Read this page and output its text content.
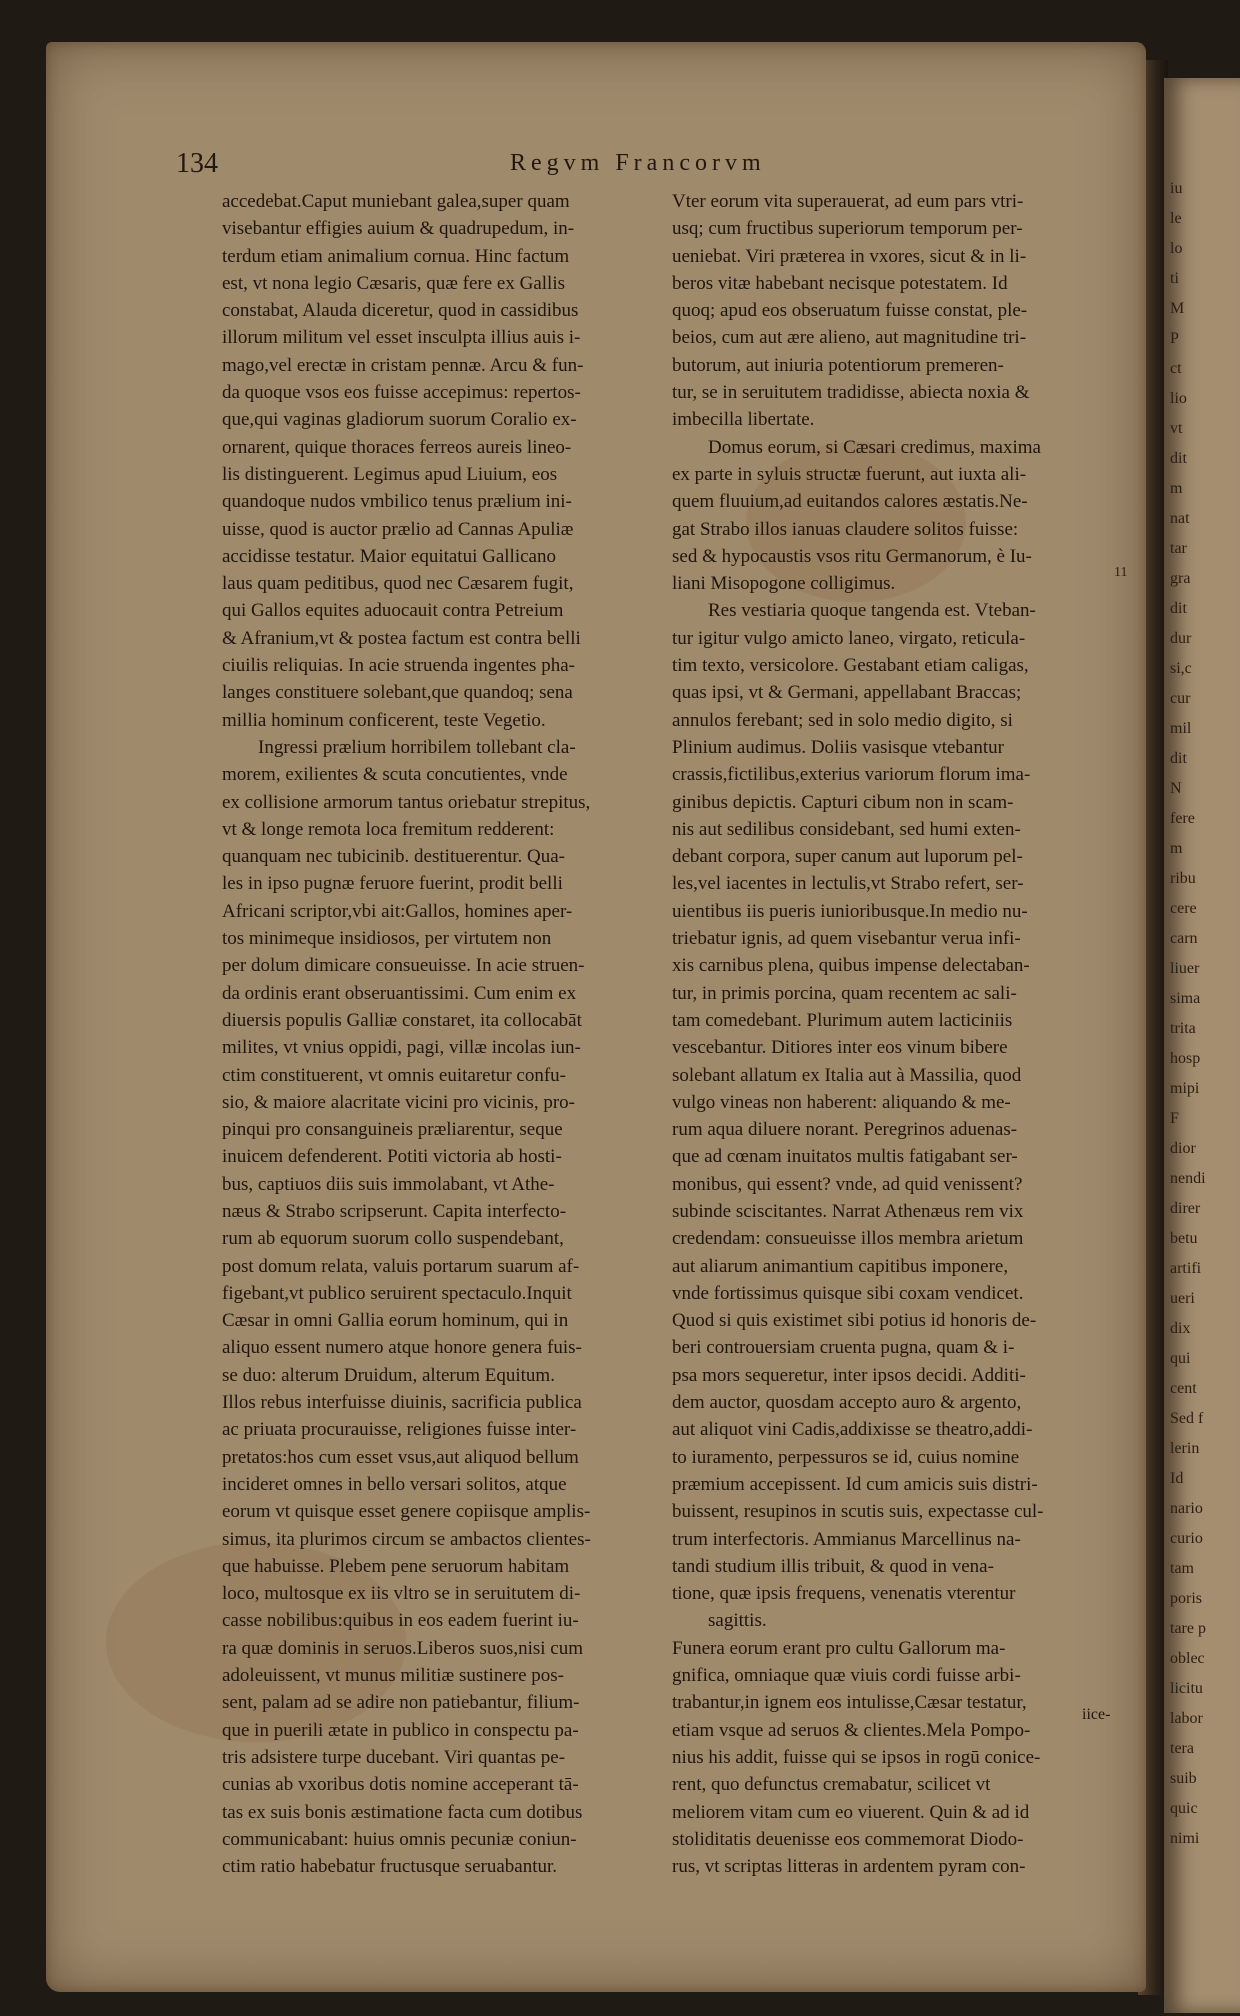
iu
le
lo
ti
M
P
ct
lio
vt
dit
m
nat
tar
gra
dit
dur
si,c
cur
mil
dit
N
fere
m
ribu
cere
carn
liuer
sima
trita
hosp
mipi
F
dior
nendi
direr
betu
artifi
ueri
dix
qui
cent
Sed f
lerin
Id
nario
curio
tam
poris
tare p
oblec
licitu
labor
tera
suib
quic
nimi
134	Regvm Francorvm
accedebat.Caput muniebant galea,super quam
visebantur effigies auium & quadrupedum, in-
terdum etiam animalium cornua. Hinc factum
est, vt nona legio Cæsaris, quæ fere ex Gallis
constabat, Alauda diceretur, quod in cassidibus
illorum militum vel esset insculpta illius auis i-
mago,vel erectæ in cristam pennæ. Arcu & fun-
da quoque vsos eos fuisse accepimus: repertos-
que,qui vaginas gladiorum suorum Coralio ex-
ornarent, quique thoraces ferreos aureis lineo-
lis distinguerent. Legimus apud Liuium, eos
quandoque nudos vmbilico tenus prælium ini-
uisse, quod is auctor prælio ad Cannas Apuliæ
accidisse testatur. Maior equitatui Gallicano
laus quam peditibus, quod nec Cæsarem fugit,
qui Gallos equites aduocauit contra Petreium
& Afranium,vt & postea factum est contra belli
ciuilis reliquias. In acie struenda ingentes pha-
langes constituere solebant,que quandoq; sena
millia hominum conficerent, teste Vegetio.
Ingressi prælium horribilem tollebant cla-
morem, exilientes & scuta concutientes, vnde
ex collisione armorum tantus oriebatur strepitus,
vt & longe remota loca fremitum redderent:
quanquam nec tubicinib. destituerentur. Qua-
les in ipso pugnæ feruore fuerint, prodit belli
Africani scriptor,vbi ait:Gallos, homines aper-
tos minimeque insidiosos, per virtutem non
per dolum dimicare consueuisse. In acie struen-
da ordinis erant obseruantissimi. Cum enim ex
diuersis populis Galliæ constaret, ita collocabāt
milites, vt vnius oppidi, pagi, villæ incolas iun-
ctim constituerent, vt omnis euitaretur confu-
sio, & maiore alacritate vicini pro vicinis, pro-
pinqui pro consanguineis præliarentur, seque
inuicem defenderent. Potiti victoria ab hosti-
bus, captiuos diis suis immolabant, vt Athe-
næus & Strabo scripserunt. Capita interfecto-
rum ab equorum suorum collo suspendebant,
post domum relata, valuis portarum suarum af-
figebant,vt publico seruirent spectaculo.Inquit
Cæsar in omni Gallia eorum hominum, qui in
aliquo essent numero atque honore genera fuis-
se duo: alterum Druidum, alterum Equitum.
Illos rebus interfuisse diuinis, sacrificia publica
ac priuata procurauisse, religiones fuisse inter-
pretatos:hos cum esset vsus,aut aliquod bellum
incideret omnes in bello versari solitos, atque
eorum vt quisque esset genere copiisque amplis-
simus, ita plurimos circum se ambactos clientes-
que habuisse. Plebem pene seruorum habitam
loco, multosque ex iis vltro se in seruitutem di-
casse nobilibus:quibus in eos eadem fuerint iu-
ra quæ dominis in seruos.Liberos suos,nisi cum
adoleuissent, vt munus militiæ sustinere pos-
sent, palam ad se adire non patiebantur, filium-
que in puerili ætate in publico in conspectu pa-
tris adsistere turpe ducebant. Viri quantas pe-
cunias ab vxoribus dotis nomine acceperant tā-
tas ex suis bonis æstimatione facta cum dotibus
communicabant: huius omnis pecuniæ coniun-
ctim ratio habebatur fructusque seruabantur.
Vter eorum vita superauerat, ad eum pars vtri-
usq; cum fructibus superiorum temporum per-
ueniebat. Viri præterea in vxores, sicut & in li-
beros vitæ habebant necisque potestatem. Id
quoq; apud eos obseruatum fuisse constat, ple-
beios, cum aut ære alieno, aut magnitudine tri-
butorum, aut iniuria potentiorum premeren-
tur, se in seruitutem tradidisse, abiecta noxia &
imbecilla libertate.
Domus eorum, si Cæsari credimus, maxima
ex parte in syluis structæ fuerunt, aut iuxta ali-
quem fluuium,ad euitandos calores æstatis.Ne-
gat Strabo illos ianuas claudere solitos fuisse:
sed & hypocaustis vsos ritu Germanorum, è Iu-
liani Misopogone colligimus.
Res vestiaria quoque tangenda est. Vteban-
tur igitur vulgo amicto laneo, virgato, reticula-
tim texto, versicolore. Gestabant etiam caligas,
quas ipsi, vt & Germani, appellabant Braccas;
annulos ferebant; sed in solo medio digito, si
Plinium audimus. Doliis vasisque vtebantur
crassis,fictilibus,exterius variorum florum ima-
ginibus depictis. Capturi cibum non in scam-
nis aut sedilibus considebant, sed humi exten-
debant corpora, super canum aut luporum pel-
les,vel iacentes in lectulis,vt Strabo refert, ser-
uientibus iis pueris iunioribusque.In medio nu-
triebatur ignis, ad quem visebantur verua infi-
xis carnibus plena, quibus impense delectaban-
tur, in primis porcina, quam recentem ac sali-
tam comedebant. Plurimum autem lacticiniis
vescebantur. Ditiores inter eos vinum bibere
solebant allatum ex Italia aut à Massilia, quod
vulgo vineas non haberent: aliquando & me-
rum aqua diluere norant. Peregrinos aduenas-
que ad cœnam inuitatos multis fatigabant ser-
monibus, qui essent? vnde, ad quid venissent?
subinde sciscitantes. Narrat Athenæus rem vix
credendam: consueuisse illos membra arietum
aut aliarum animantium capitibus imponere,
vnde fortissimus quisque sibi coxam vendicet.
Quod si quis existimet sibi potius id honoris de-
beri controuersiam cruenta pugna, quam & i-
psa mors sequeretur, inter ipsos decidi. Additi-
dem auctor, quosdam accepto auro & argento,
aut aliquot vini Cadis,addixisse se theatro,addi-
to iuramento, perpessuros se id, cuius nomine
præmium accepissent. Id cum amicis suis distri-
buissent, resupinos in scutis suis, expectasse cul-
trum interfectoris. Ammianus Marcellinus na-
tandi studium illis tribuit, & quod in vena-
tione, quæ ipsis frequens, venenatis vterentur
sagittis.
Funera eorum erant pro cultu Gallorum ma-
gnifica, omniaque quæ viuis cordi fuisse arbi-
trabantur,in ignem eos intulisse,Cæsar testatur,
etiam vsque ad seruos & clientes.Mela Pompo-
nius his addit, fuisse qui se ipsos in rogū conice-
rent, quo defunctus cremabatur, scilicet vt
meliorem vitam cum eo viuerent. Quin & ad id
stoliditatis deuenisse eos commemorat Diodo-
rus, vt scriptas litteras in ardentem pyram con-
11
iice-
